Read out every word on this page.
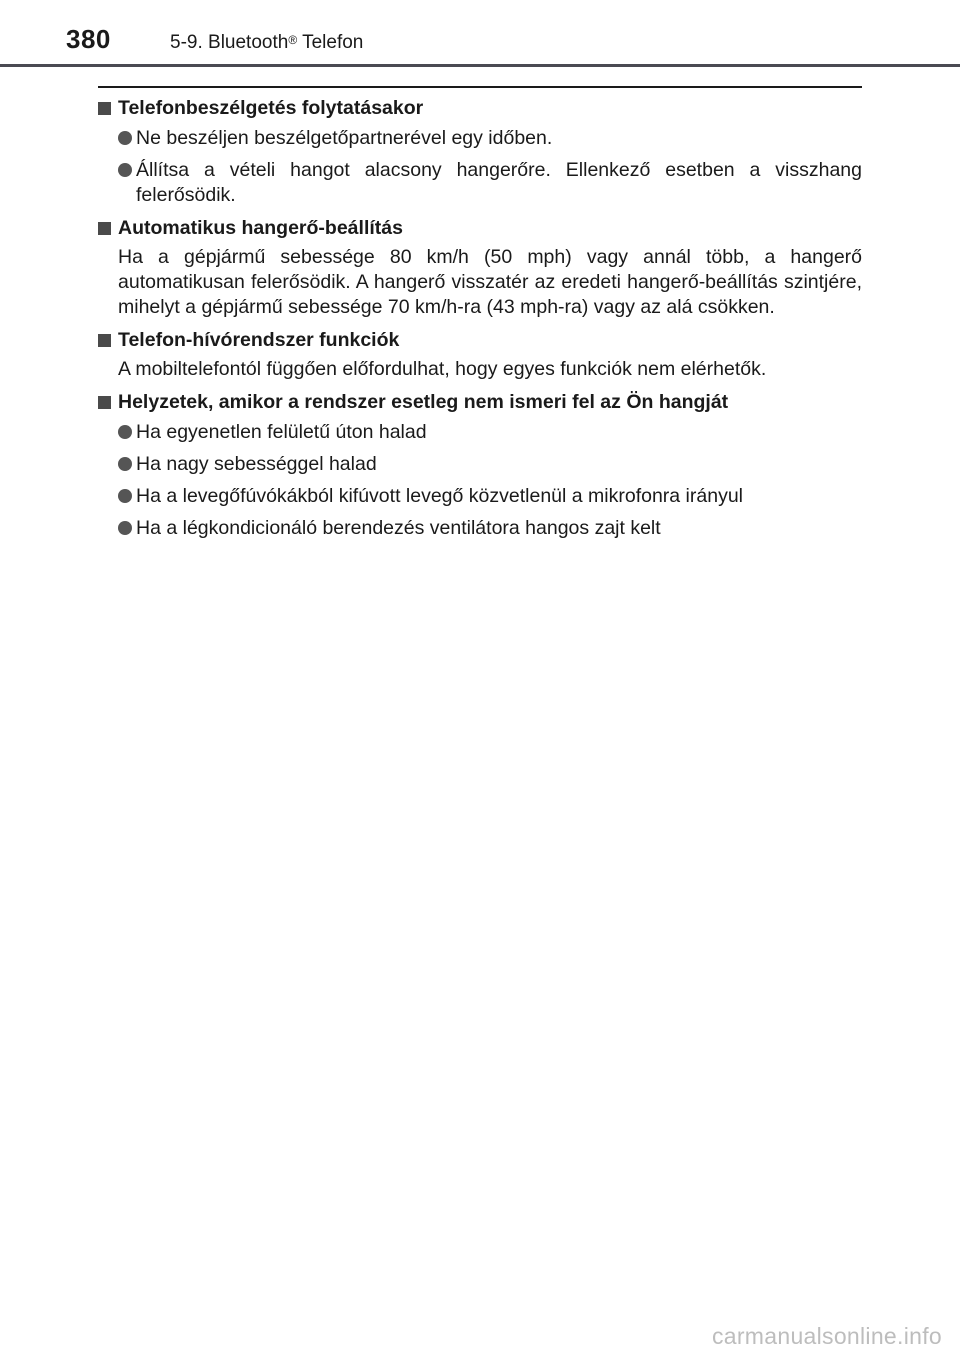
380	5-9. Bluetooth® Telefon
Telefonbeszélgetés folytatásakor
Ne beszéljen beszélgetőpartnerével egy időben.
Állítsa a vételi hangot alacsony hangerőre. Ellenkező esetben a visszhang felerősödik.
Automatikus hangerő-beállítás
Ha a gépjármű sebessége 80 km/h (50 mph) vagy annál több, a hangerő automatikusan felerősödik. A hangerő visszatér az eredeti hangerő-beállítás szintjére, mihelyt a gépjármű sebessége 70 km/h-ra (43 mph-ra) vagy az alá csökken.
Telefon-hívórendszer funkciók
A mobiltelefontól függően előfordulhat, hogy egyes funkciók nem elérhetők.
Helyzetek, amikor a rendszer esetleg nem ismeri fel az Ön hangját
Ha egyenetlen felületű úton halad
Ha nagy sebességgel halad
Ha a levegőfúvókákból kifúvott levegő közvetlenül a mikrofonra irányul
Ha a légkondicionáló berendezés ventilátora hangos zajt kelt
carmanualsonline.info
